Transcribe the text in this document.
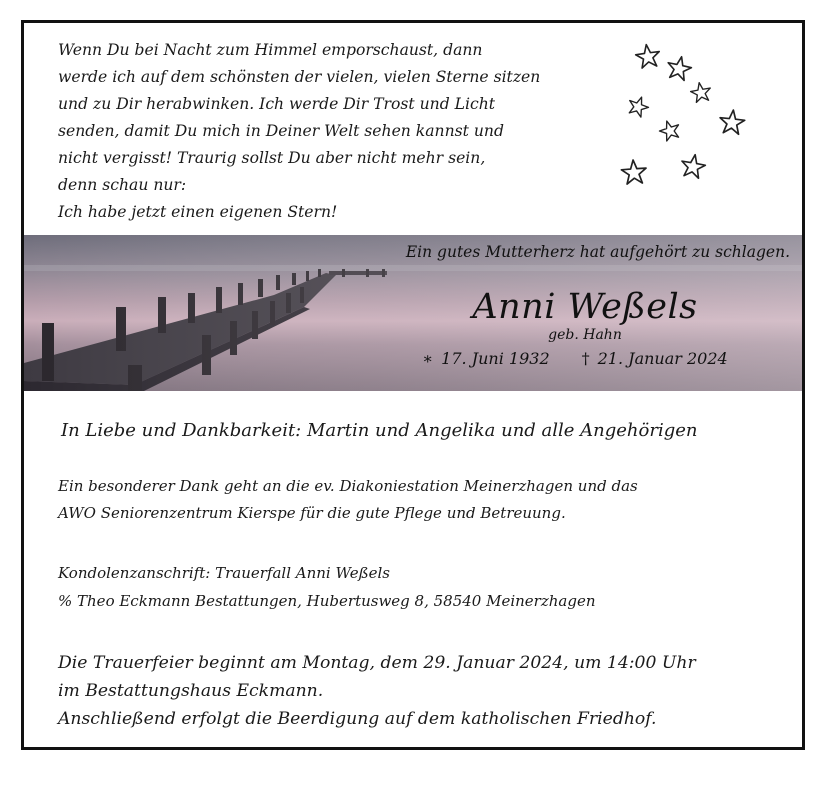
Wenn Du bei Nacht zum Himmel emporschaust, dann
werde ich auf dem schönsten der vielen, vielen Sterne sitzen
und zu Dir herabwinken. Ich werde Dir Trost und Licht
senden, damit Du mich in Deiner Welt sehen kannst und
nicht vergisst! Traurig sollst Du aber nicht mehr sein,
denn schau nur:
Ich habe jetzt einen eigenen Stern!

Ein gutes Mutterherz hat aufgehört zu schlagen.
Anni Weßels
geb. Hahn
∗ 17. Juni 1932 † 21. Januar 2024
In Liebe und Dankbarkeit: Martin und Angelika und alle Angehörigen

Ein besonderer Dank geht an die ev. Diakoniestation Meinerzhagen und das
AWO Seniorenzentrum Kierspe für die gute Pflege und Betreuung.

Kondolenzanschrift: Trauerfall Anni Weßels
% Theo Eckmann Bestattungen, Hubertusweg 8, 58540 Meinerzhagen

Die Trauerfeier beginnt am Montag, dem 29. Januar 2024, um 14:00 Uhr
im Bestattungshaus Eckmann.
Anschließend erfolgt die Beerdigung auf dem katholischen Friedhof.
